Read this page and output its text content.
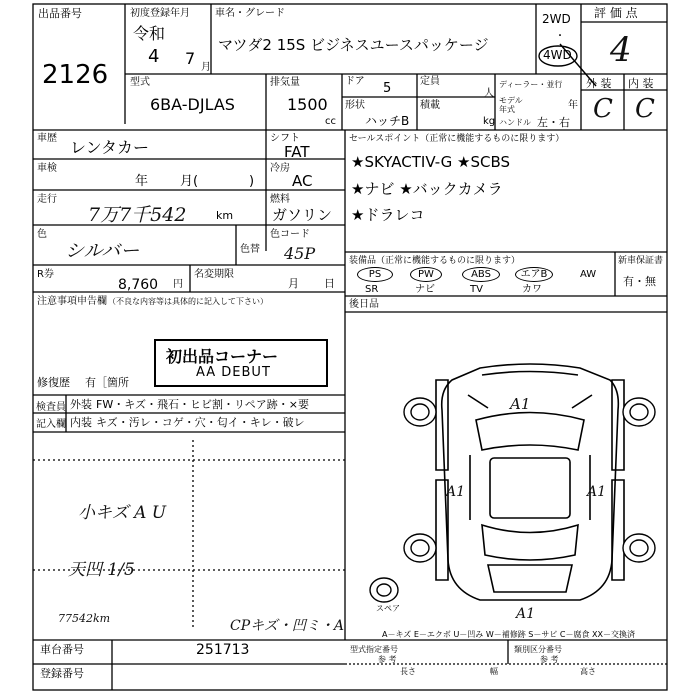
出品番号
2126
初度登録年月
令和
4 7 月
車名・グレード
マツダ2 15S ビジネスユースパッケージ
2WD
・
4WD
評 価 点
4
型式
6BA-DJLAS
排気量
1500
cc
ドア 5	定員
人
形状
ハッチB
積載
kg
ディーラー・並行
モデル年式	年
ハンドル 左・右
外 装 内 装
C C
車歴 レンタカー	シフト
FAT
車検
年 月(	)
冷房
AC
走行
7万7千542	km
燃料
ガソリン
色
シルバー	色替
色コード
45P
R券
8,760 円
名変期限
月 日
セールスポイント（正常に機能するものに限ります）
★SKYACTIV-G ★SCBS
★ナビ ★バックカメラ
★ドラレコ
装備品（正常に機能するものに限ります）
PS	PW	ABS	エアB	AW
SR	ナビ	TV	カワ
新車保証書
有・無
後日品
注意事項申告欄 （不良な内容等は具体的に記入して下さい）
初出品コーナー
AA DEBUT
修復歴 有［箇所
検査員
記入欄
外装 FW・キズ・飛石・ヒビ割・リペア跡・×要
内装 キズ・汚レ・コゲ・穴・匂イ・キレ・破レ
小キズ A U
天凹 1/5
77542km	CPキズ・凹ミ・A
A1
A1	A1
A1
スペア
A－キズ E－エクボ U－凹み W－補修跡 S－サビ C－腐食 XX－交換済
車台番号	251713
登録番号
型式指定番号
参 考
類別区分番号
参 考
長さ	幅	高さ
